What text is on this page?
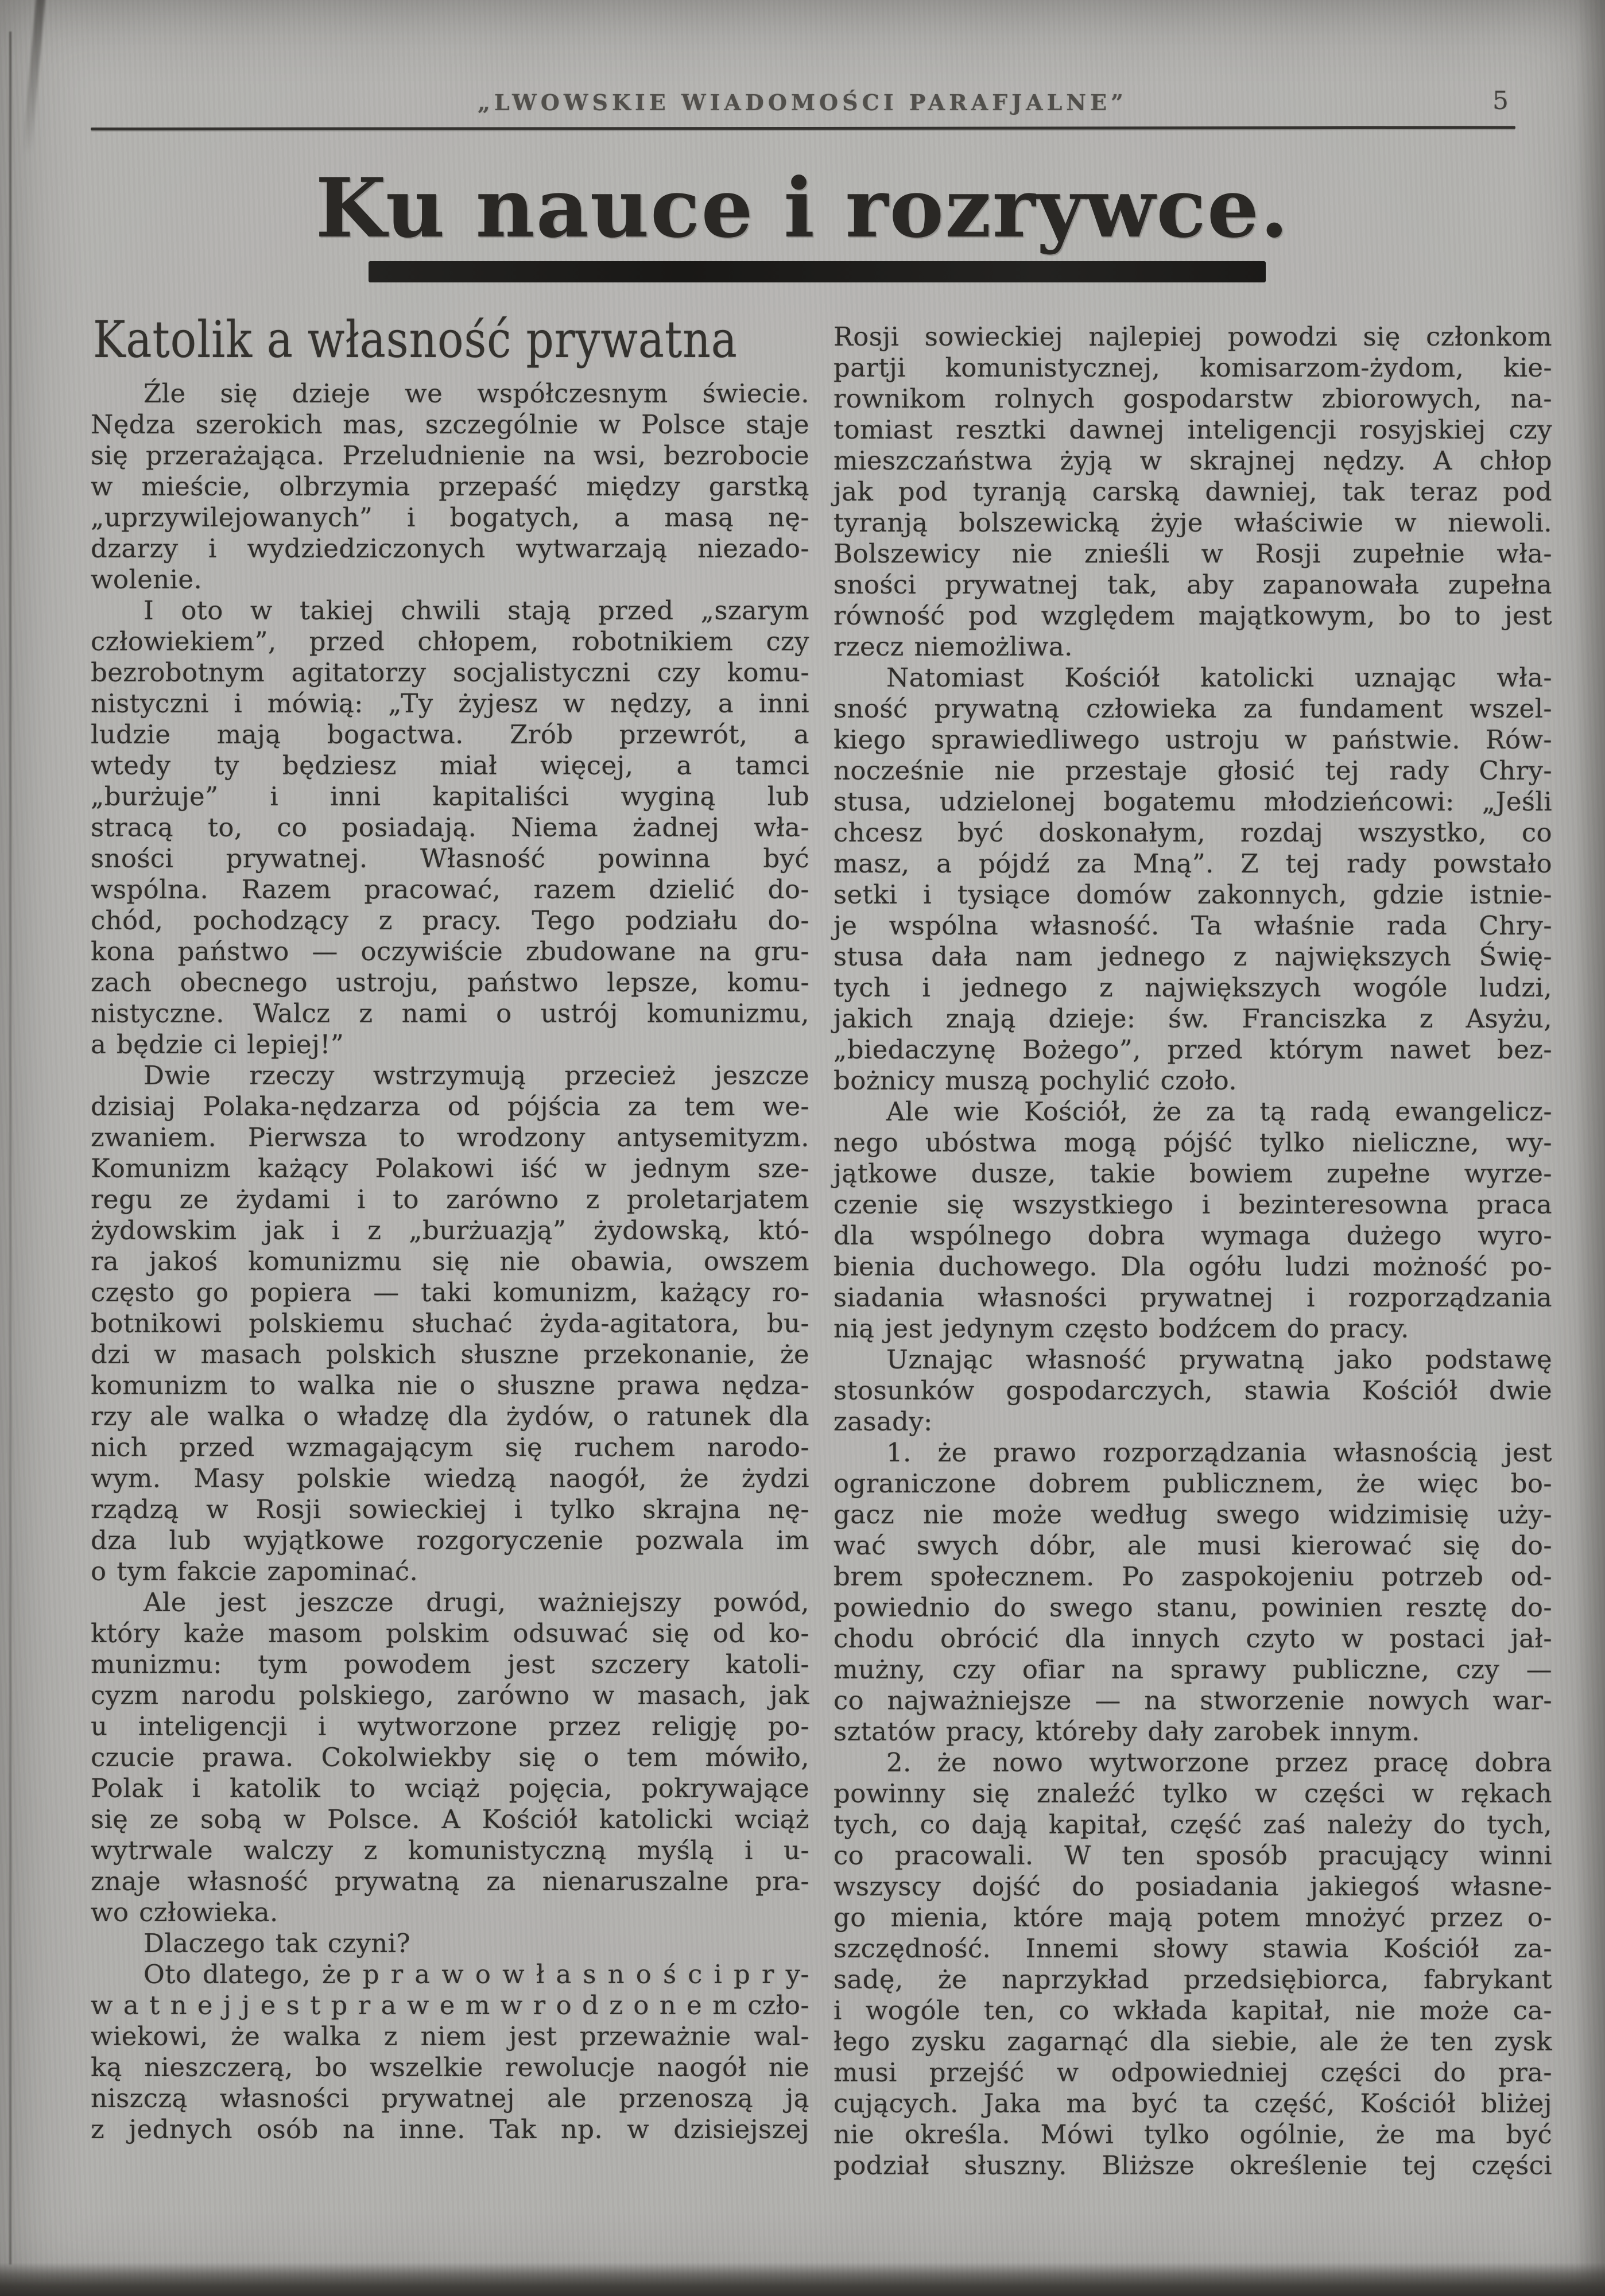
„LWOWSKIE WIADOMOŚCI PARAFJALNE”	5
Ku nauce i rozrywce.
Katolik a własność prywatna
Źle się dzieje we współczesnym świecie.
Nędza szerokich mas, szczególnie w Polsce staje
się przerażająca. Przeludnienie na wsi, bezrobocie
w mieście, olbrzymia przepaść między garstką
„uprzywilejowanych” i bogatych, a masą nę-
dzarzy i wydziedziczonych wytwarzają niezado-
wolenie.
I oto w takiej chwili stają przed „szarym
człowiekiem”, przed chłopem, robotnikiem czy
bezrobotnym agitatorzy socjalistyczni czy komu-
nistyczni i mówią: „Ty żyjesz w nędzy, a inni
ludzie mają bogactwa. Zrób przewrót, a
wtedy ty będziesz miał więcej, a tamci
„burżuje” i inni kapitaliści wyginą lub
stracą to, co posiadają. Niema żadnej wła-
sności prywatnej. Własność powinna być
wspólna. Razem pracować, razem dzielić do-
chód, pochodzący z pracy. Tego podziału do-
kona państwo — oczywiście zbudowane na gru-
zach obecnego ustroju, państwo lepsze, komu-
nistyczne. Walcz z nami o ustrój komunizmu,
a będzie ci lepiej!”
Dwie rzeczy wstrzymują przecież jeszcze
dzisiaj Polaka-nędzarza od pójścia za tem we-
zwaniem. Pierwsza to wrodzony antysemityzm.
Komunizm każący Polakowi iść w jednym sze-
regu ze żydami i to zarówno z proletarjatem
żydowskim jak i z „burżuazją” żydowską, któ-
ra jakoś komunizmu się nie obawia, owszem
często go popiera — taki komunizm, każący ro-
botnikowi polskiemu słuchać żyda-agitatora, bu-
dzi w masach polskich słuszne przekonanie, że
komunizm to walka nie o słuszne prawa nędza-
rzy ale walka o władzę dla żydów, o ratunek dla
nich przed wzmagającym się ruchem narodo-
wym. Masy polskie wiedzą naogół, że żydzi
rządzą w Rosji sowieckiej i tylko skrajna nę-
dza lub wyjątkowe rozgoryczenie pozwala im
o tym fakcie zapominać.
Ale jest jeszcze drugi, ważniejszy powód,
który każe masom polskim odsuwać się od ko-
munizmu: tym powodem jest szczery katoli-
cyzm narodu polskiego, zarówno w masach, jak
u inteligencji i wytworzone przez religję po-
czucie prawa. Cokolwiekby się o tem mówiło,
Polak i katolik to wciąż pojęcia, pokrywające
się ze sobą w Polsce. A Kościół katolicki wciąż
wytrwale walczy z komunistyczną myślą i u-
znaje własność prywatną za nienaruszalne pra-
wo człowieka.
Dlaczego tak czyni?
Oto dlatego, że p r a w o w ł a s n o ś c i p r y-
w a t n e j j e s t p r a w e m w r o d z o n e m czło-
wiekowi, że walka z niem jest przeważnie wal-
ką nieszczerą, bo wszelkie rewolucje naogół nie
niszczą własności prywatnej ale przenoszą ją
z jednych osób na inne. Tak np. w dzisiejszej
Rosji sowieckiej najlepiej powodzi się członkom
partji komunistycznej, komisarzom-żydom, kie-
rownikom rolnych gospodarstw zbiorowych, na-
tomiast resztki dawnej inteligencji rosyjskiej czy
mieszczaństwa żyją w skrajnej nędzy. A chłop
jak pod tyranją carską dawniej, tak teraz pod
tyranją bolszewicką żyje właściwie w niewoli.
Bolszewicy nie znieśli w Rosji zupełnie wła-
sności prywatnej tak, aby zapanowała zupełna
równość pod względem majątkowym, bo to jest
rzecz niemożliwa.
Natomiast Kościół katolicki uznając wła-
sność prywatną człowieka za fundament wszel-
kiego sprawiedliwego ustroju w państwie. Rów-
nocześnie nie przestaje głosić tej rady Chry-
stusa, udzielonej bogatemu młodzieńcowi: „Jeśli
chcesz być doskonałym, rozdaj wszystko, co
masz, a pójdź za Mną”. Z tej rady powstało
setki i tysiące domów zakonnych, gdzie istnie-
je wspólna własność. Ta właśnie rada Chry-
stusa dała nam jednego z największych Świę-
tych i jednego z największych wogóle ludzi,
jakich znają dzieje: św. Franciszka z Asyżu,
„biedaczynę Bożego”, przed którym nawet bez-
bożnicy muszą pochylić czoło.
Ale wie Kościół, że za tą radą ewangelicz-
nego ubóstwa mogą pójść tylko nieliczne, wy-
jątkowe dusze, takie bowiem zupełne wyrze-
czenie się wszystkiego i bezinteresowna praca
dla wspólnego dobra wymaga dużego wyro-
bienia duchowego. Dla ogółu ludzi możność po-
siadania własności prywatnej i rozporządzania
nią jest jedynym często bodźcem do pracy.
Uznając własność prywatną jako podstawę
stosunków gospodarczych, stawia Kościół dwie
zasady:
1. że prawo rozporządzania własnością jest
ograniczone dobrem publicznem, że więc bo-
gacz nie może według swego widzimisię uży-
wać swych dóbr, ale musi kierować się do-
brem społecznem. Po zaspokojeniu potrzeb od-
powiednio do swego stanu, powinien resztę do-
chodu obrócić dla innych czyto w postaci jał-
mużny, czy ofiar na sprawy publiczne, czy —
co najważniejsze — na stworzenie nowych war-
sztatów pracy, któreby dały zarobek innym.
2. że nowo wytworzone przez pracę dobra
powinny się znaleźć tylko w części w rękach
tych, co dają kapitał, część zaś należy do tych,
co pracowali. W ten sposób pracujący winni
wszyscy dojść do posiadania jakiegoś własne-
go mienia, które mają potem mnożyć przez o-
szczędność. Innemi słowy stawia Kościół za-
sadę, że naprzykład przedsiębiorca, fabrykant
i wogóle ten, co wkłada kapitał, nie może ca-
łego zysku zagarnąć dla siebie, ale że ten zysk
musi przejść w odpowiedniej części do pra-
cujących. Jaka ma być ta część, Kościół bliżej
nie określa. Mówi tylko ogólnie, że ma być
podział słuszny. Bliższe określenie tej części
